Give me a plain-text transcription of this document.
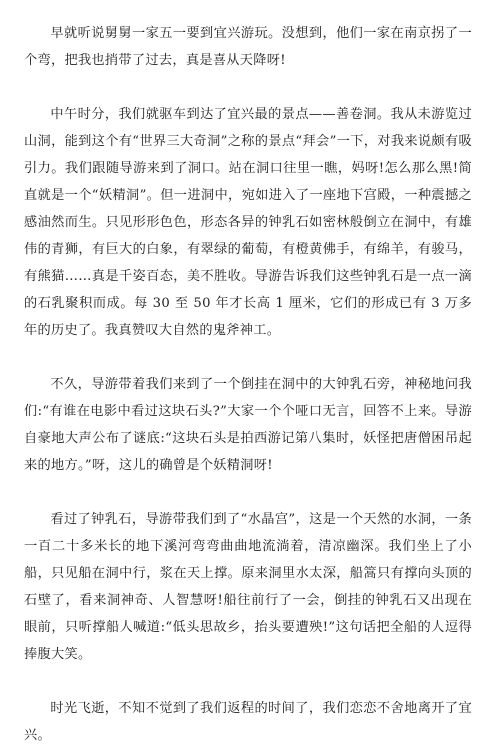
早就听说舅舅一家五一要到宜兴游玩。没想到，他们一家在南京拐了一个弯，把我也捎带了过去，真是喜从天降呀!

中午时分，我们就驱车到达了宜兴最的景点——善卷洞。我从未游览过山洞，能到这个有“世界三大奇洞”之称的景点“拜会”一下，对我来说颇有吸引力。我们跟随导游来到了洞口。站在洞口往里一瞧，妈呀!怎么那么黑!简直就是一个“妖精洞”。但一进洞中，宛如进入了一座地下宫殿，一种震撼之感油然而生。只见形形色色，形态各异的钟乳石如密林般倒立在洞中，有雄伟的青狮，有巨大的白象，有翠绿的葡萄，有橙黄佛手，有绵羊，有骏马，有熊猫……真是千姿百态，美不胜收。导游告诉我们这些钟乳石是一点一滴的石乳聚积而成。每 30 至 50 年才长高 1 厘米，它们的形成已有 3 万多年的历史了。我真赞叹大自然的鬼斧神工。

不久，导游带着我们来到了一个倒挂在洞中的大钟乳石旁，神秘地问我们:“有谁在电影中看过这块石头?”大家一个个哑口无言，回答不上来。导游自豪地大声公布了谜底:“这块石头是拍西游记第八集时，妖怪把唐僧困吊起来的地方。”呀，这儿的确曾是个妖精洞呀!

看过了钟乳石，导游带我们到了“水晶宫”，这是一个天然的水洞，一条一百二十多米长的地下溪河弯弯曲曲地流淌着，清凉幽深。我们坐上了小船，只见船在洞中行，浆在天上撑。原来洞里水太深，船篙只有撑向头顶的石壁了，看来洞神奇、人智慧呀!船往前行了一会，倒挂的钟乳石又出现在眼前，只听撑船人喊道:“低头思故乡，抬头要遭殃!”这句话把全船的人逗得捧腹大笑。

时光飞逝，不知不觉到了我们返程的时间了，我们恋恋不舍地离开了宜兴。
